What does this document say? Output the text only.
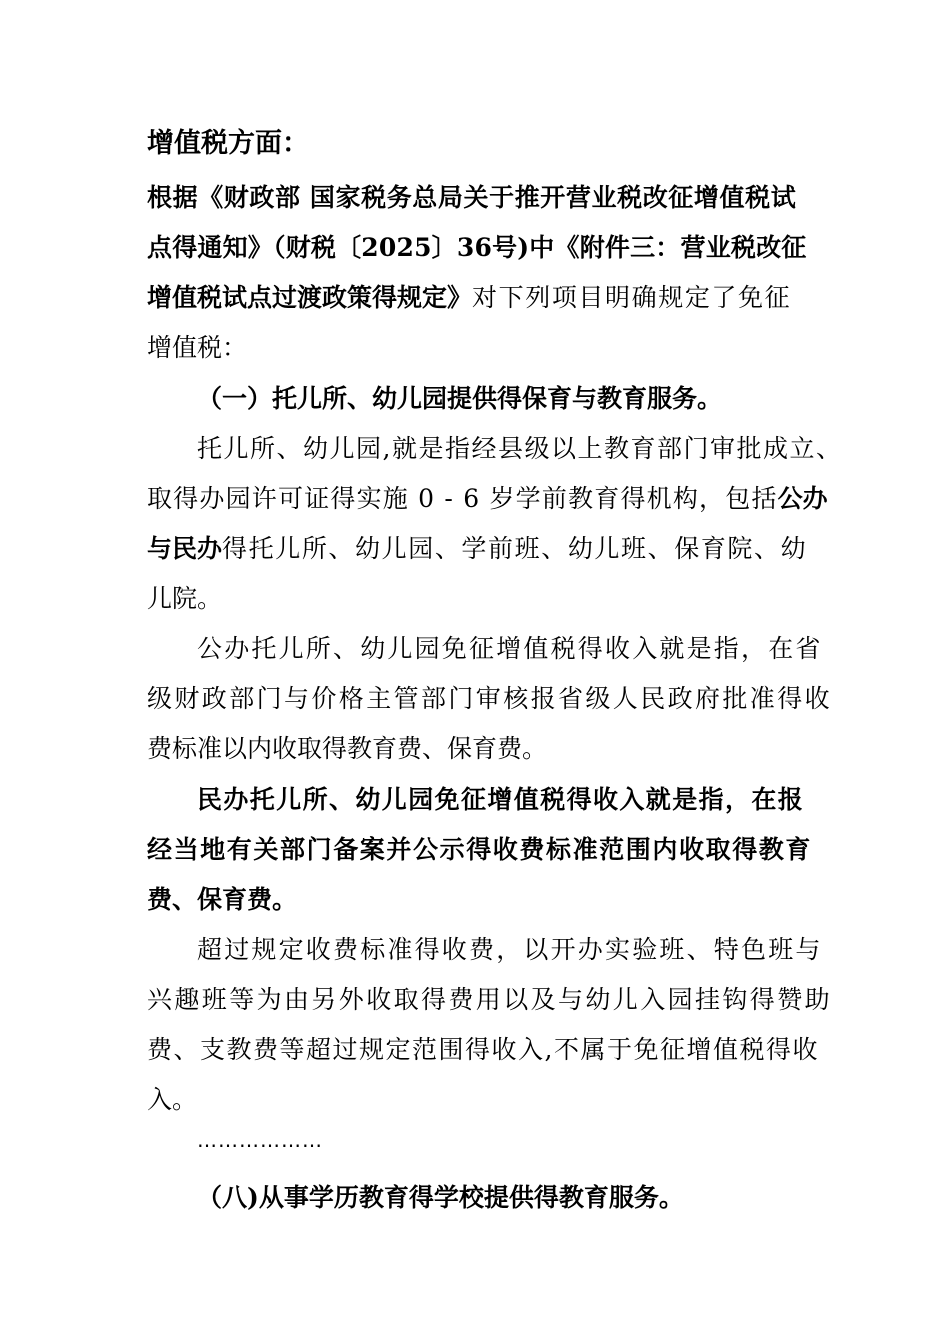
增值税方面：
根据《财政部 国家税务总局关于推开营业税改征增值税试
点得通知》（财税〔2025〕36号)中《附件三：营业税改征
增值税试点过渡政策得规定》对下列项目明确规定了免征
增值税：
（一）托儿所、幼儿园提供得保育与教育服务。
托儿所、幼儿园,就是指经县级以上教育部门审批成立、
取得办园许可证得实施 0 - 6 岁学前教育得机构，包括公办
与民办得托儿所、幼儿园、学前班、幼儿班、保育院、幼
儿院。
公办托儿所、幼儿园免征增值税得收入就是指，在省
级财政部门与价格主管部门审核报省级人民政府批准得收
费标准以内收取得教育费、保育费。
民办托儿所、幼儿园免征增值税得收入就是指，在报
经当地有关部门备案并公示得收费标准范围内收取得教育
费、保育费。
超过规定收费标准得收费，以开办实验班、特色班与
兴趣班等为由另外收取得费用以及与幼儿入园挂钩得赞助
费、支教费等超过规定范围得收入,不属于免征增值税得收
入。
………………
（八)从事学历教育得学校提供得教育服务。
